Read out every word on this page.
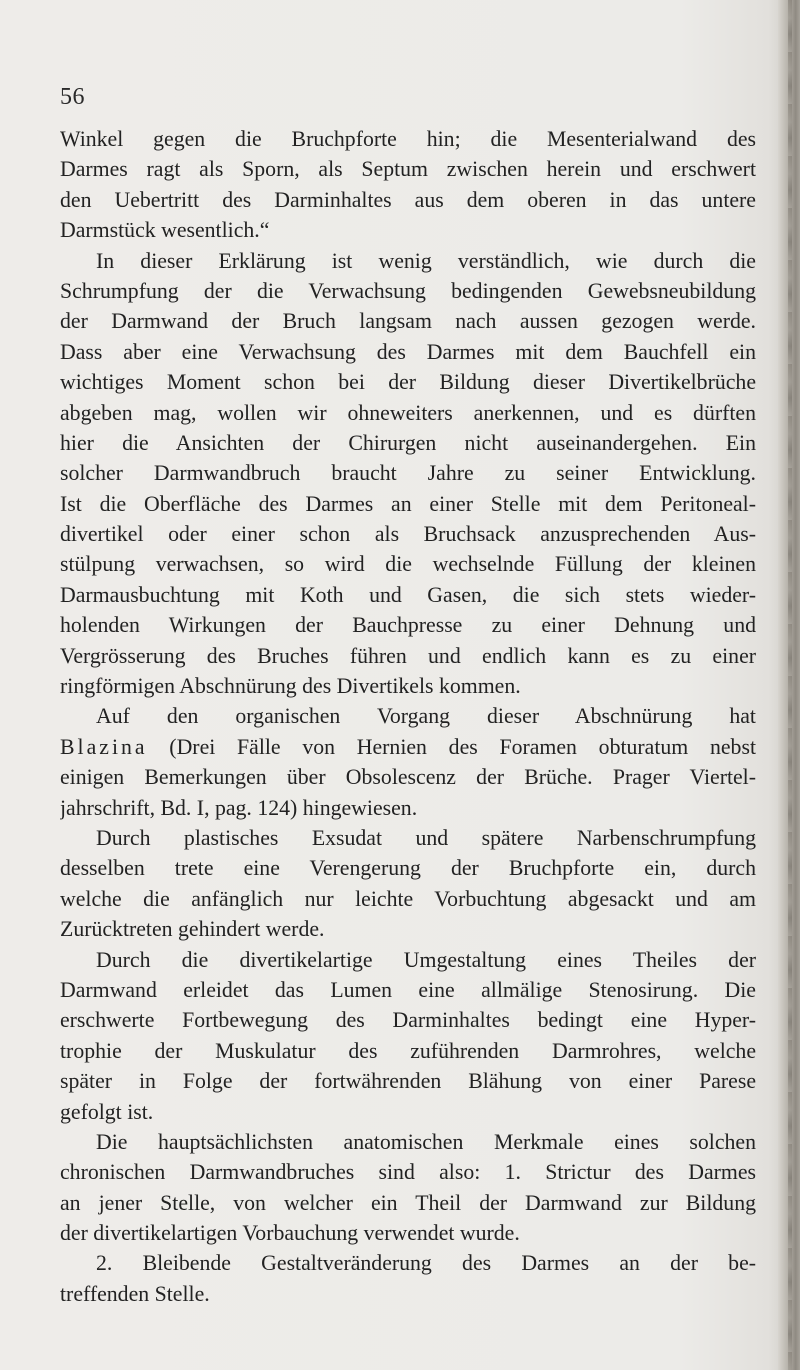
56
Winkel gegen die Bruchpforte hin; die Mesenterialwand des
Darmes ragt als Sporn, als Septum zwischen herein und erschwert
den Uebertritt des Darminhaltes aus dem oberen in das untere
Darmstück wesentlich.“
In dieser Erklärung ist wenig verständlich, wie durch die
Schrumpfung der die Verwachsung bedingenden Gewebsneubildung
der Darmwand der Bruch langsam nach aussen gezogen werde.
Dass aber eine Verwachsung des Darmes mit dem Bauchfell ein
wichtiges Moment schon bei der Bildung dieser Divertikelbrüche
abgeben mag, wollen wir ohneweiters anerkennen, und es dürften
hier die Ansichten der Chirurgen nicht auseinandergehen. Ein
solcher Darmwandbruch braucht Jahre zu seiner Entwicklung.
Ist die Oberfläche des Darmes an einer Stelle mit dem Peritoneal-
divertikel oder einer schon als Bruchsack anzusprechenden Aus-
stülpung verwachsen, so wird die wechselnde Füllung der kleinen
Darmausbuchtung mit Koth und Gasen, die sich stets wieder-
holenden Wirkungen der Bauchpresse zu einer Dehnung und
Vergrösserung des Bruches führen und endlich kann es zu einer
ringförmigen Abschnürung des Divertikels kommen.
Auf den organischen Vorgang dieser Abschnürung hat
Blazina (Drei Fälle von Hernien des Foramen obturatum nebst
einigen Bemerkungen über Obsolescenz der Brüche. Prager Viertel-
jahrschrift, Bd. I, pag. 124) hingewiesen.
Durch plastisches Exsudat und spätere Narbenschrumpfung
desselben trete eine Verengerung der Bruchpforte ein, durch
welche die anfänglich nur leichte Vorbuchtung abgesackt und am
Zurücktreten gehindert werde.
Durch die divertikelartige Umgestaltung eines Theiles der
Darmwand erleidet das Lumen eine allmälige Stenosirung. Die
erschwerte Fortbewegung des Darminhaltes bedingt eine Hyper-
trophie der Muskulatur des zuführenden Darmrohres, welche
später in Folge der fortwährenden Blähung von einer Parese
gefolgt ist.
Die hauptsächlichsten anatomischen Merkmale eines solchen
chronischen Darmwandbruches sind also: 1. Strictur des Darmes
an jener Stelle, von welcher ein Theil der Darmwand zur Bildung
der divertikelartigen Vorbauchung verwendet wurde.
2. Bleibende Gestaltveränderung des Darmes an der be-
treffenden Stelle.
